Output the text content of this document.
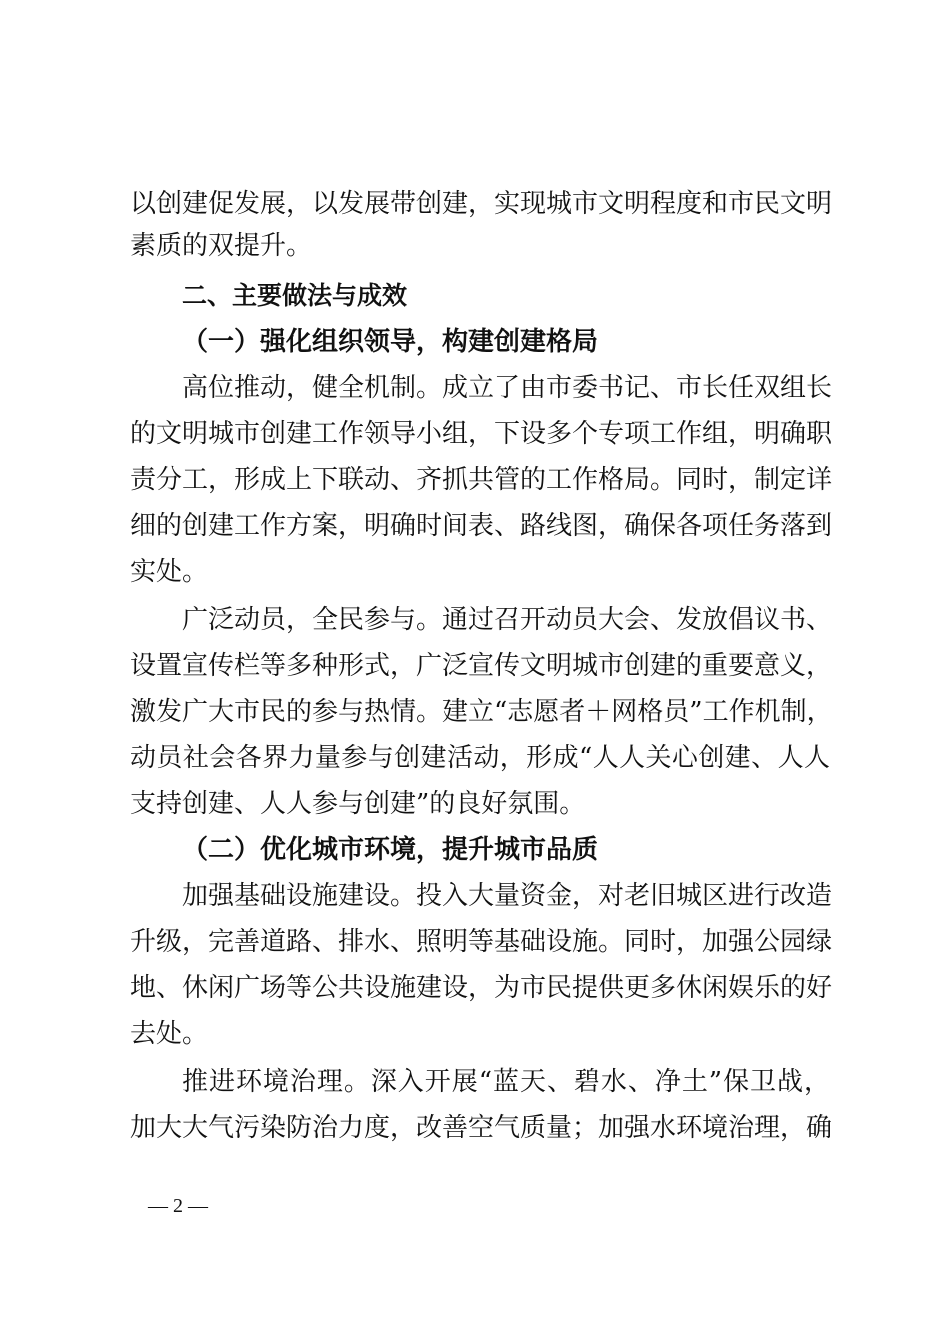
以创建促发展，以发展带创建，实现城市文明程度和市民文明
素质的双提升。
二、主要做法与成效
（一）强化组织领导，构建创建格局
高位推动，健全机制。成立了由市委书记、市长任双组长
的文明城市创建工作领导小组，下设多个专项工作组，明确职
责分工，形成上下联动、齐抓共管的工作格局。同时，制定详
细的创建工作方案，明确时间表、路线图，确保各项任务落到
实处。
广泛动员，全民参与。通过召开动员大会、发放倡议书、
设置宣传栏等多种形式，广泛宣传文明城市创建的重要意义，
激发广大市民的参与热情。建立“志愿者＋网格员”工作机制，
动员社会各界力量参与创建活动，形成“人人关心创建、人人
支持创建、人人参与创建”的良好氛围。
（二）优化城市环境，提升城市品质
加强基础设施建设。投入大量资金，对老旧城区进行改造
升级，完善道路、排水、照明等基础设施。同时，加强公园绿
地、休闲广场等公共设施建设，为市民提供更多休闲娱乐的好
去处。
推进环境治理。深入开展“蓝天、碧水、净土”保卫战，
加大大气污染防治力度，改善空气质量；加强水环境治理，确
— 2 —
